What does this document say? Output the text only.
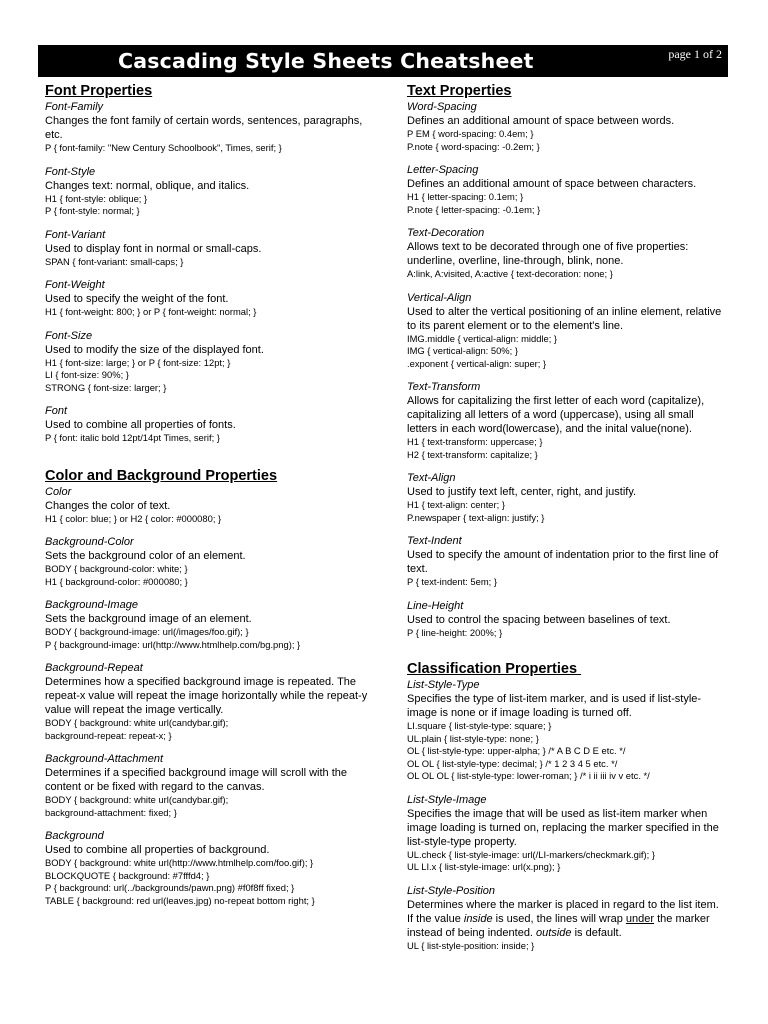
Cascading Style Sheets Cheatsheet	page 1 of 2
Font Properties
Font-Family
Changes the font family of certain words, sentences, paragraphs, etc.
P { font-family: "New Century Schoolbook", Times, serif; }
Font-Style
Changes text: normal, oblique, and italics.
H1 { font-style: oblique; }
P { font-style: normal; }
Font-Variant
Used to display font in normal or small-caps.
SPAN { font-variant: small-caps; }
Font-Weight
Used to specify the weight of the font.
H1 { font-weight: 800; } or P { font-weight: normal; }
Font-Size
Used to modify the size of the displayed font.
H1 { font-size: large; } or P { font-size: 12pt; }
LI { font-size: 90%; }
STRONG { font-size: larger; }
Font
Used to combine all properties of fonts.
P { font: italic bold 12pt/14pt Times, serif; }
Color and Background Properties
Color
Changes the color of text.
H1 { color: blue; } or H2 { color: #000080; }
Background-Color
Sets the background color of an element.
BODY { background-color: white; }
H1 { background-color: #000080; }
Background-Image
Sets the background image of an element.
BODY { background-image: url(/images/foo.gif); }
P { background-image: url(http://www.htmlhelp.com/bg.png); }
Background-Repeat
Determines how a specified background image is repeated. The repeat-x value will repeat the image horizontally while the repeat-y value will repeat the image vertically.
BODY { background: white url(candybar.gif);
background-repeat: repeat-x; }
Background-Attachment
Determines if a specified background image will scroll with the content or be fixed with regard to the canvas.
BODY { background: white url(candybar.gif);
background-attachment: fixed; }
Background
Used to combine all properties of background.
BODY { background: white url(http://www.htmlhelp.com/foo.gif); }
BLOCKQUOTE { background: #7fffd4; }
P { background: url(../backgrounds/pawn.png) #f0f8ff fixed; }
TABLE { background: red url(leaves.jpg) no-repeat bottom right; }
Text Properties
Word-Spacing
Defines an additional amount of space between words.
P EM { word-spacing: 0.4em; }
P.note { word-spacing: -0.2em; }
Letter-Spacing
Defines an additional amount of space between characters.
H1 { letter-spacing: 0.1em; }
P.note { letter-spacing: -0.1em; }
Text-Decoration
Allows text to be decorated through one of five properties: underline, overline, line-through, blink, none.
A:link, A:visited, A:active { text-decoration: none; }
Vertical-Align
Used to alter the vertical positioning of an inline element, relative to its parent element or to the element's line.
IMG.middle { vertical-align: middle; }
IMG { vertical-align: 50%; }
.exponent { vertical-align: super; }
Text-Transform
Allows for capitalizing the first letter of each word (capitalize), capitalizing all letters of a word (uppercase), using all small letters in each word(lowercase), and the inital value(none).
H1 { text-transform: uppercase; }
H2 { text-transform: capitalize; }
Text-Align
Used to justify text left, center, right, and justify.
H1 { text-align: center; }
P.newspaper { text-align: justify; }
Text-Indent
Used to specify the amount of indentation prior to the first line of text.
P { text-indent: 5em; }
Line-Height
Used to control the spacing between baselines of text.
P { line-height: 200%; }
Classification Properties
List-Style-Type
Specifies the type of list-item marker, and is used if list-style-image is none or if image loading is turned off.
LI.square { list-style-type: square; }
UL.plain { list-style-type: none; }
OL { list-style-type: upper-alpha; } /* A B C D E etc. */
OL OL { list-style-type: decimal; } /* 1 2 3 4 5 etc. */
OL OL OL { list-style-type: lower-roman; } /* i ii iii iv v etc. */
List-Style-Image
Specifies the image that will be used as list-item marker when image loading is turned on, replacing the marker specified in the list-style-type property.
UL.check { list-style-image: url(/LI-markers/checkmark.gif); }
UL LI.x { list-style-image: url(x.png); }
List-Style-Position
Determines where the marker is placed in regard to the list item. If the value inside is used, the lines will wrap under the marker instead of being indented. outside is default.
UL { list-style-position: inside; }
